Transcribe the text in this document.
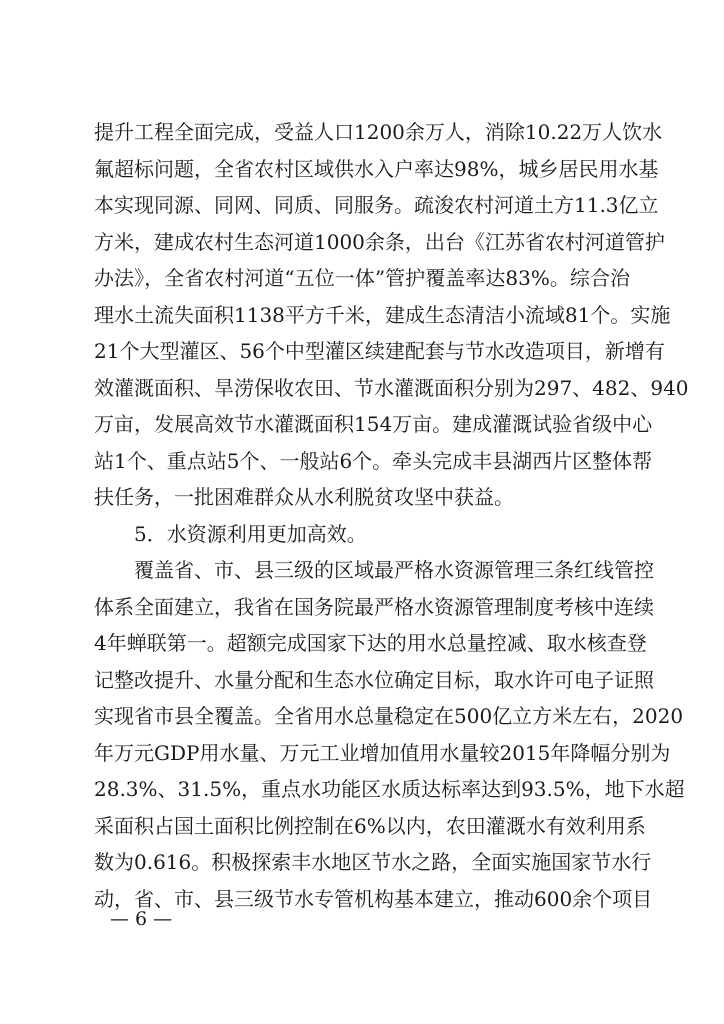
提升工程全面完成，受益人口1200余万人，消除10.22万人饮水
氟超标问题，全省农村区域供水入户率达98%，城乡居民用水基
本实现同源、同网、同质、同服务。疏浚农村河道土方11.3亿立
方米，建成农村生态河道1000余条，出台《江苏省农村河道管护
办法》，全省农村河道“五位一体”管护覆盖率达83%。综合治
理水土流失面积1138平方千米，建成生态清洁小流域81个。实施
21个大型灌区、56个中型灌区续建配套与节水改造项目，新增有
效灌溉面积、旱涝保收农田、节水灌溉面积分别为297、482、940
万亩，发展高效节水灌溉面积154万亩。建成灌溉试验省级中心
站1个、重点站5个、一般站6个。牵头完成丰县湖西片区整体帮
扶任务，一批困难群众从水利脱贫攻坚中获益。
5．水资源利用更加高效。
覆盖省、市、县三级的区域最严格水资源管理三条红线管控
体系全面建立，我省在国务院最严格水资源管理制度考核中连续
4年蝉联第一。超额完成国家下达的用水总量控减、取水核查登
记整改提升、水量分配和生态水位确定目标，取水许可电子证照
实现省市县全覆盖。全省用水总量稳定在500亿立方米左右，2020
年万元GDP用水量、万元工业增加值用水量较2015年降幅分别为
28.3%、31.5%，重点水功能区水质达标率达到93.5%，地下水超
采面积占国土面积比例控制在6%以内，农田灌溉水有效利用系
数为0.616。积极探索丰水地区节水之路，全面实施国家节水行
动，省、市、县三级节水专管机构基本建立，推动600余个项目
— 6 —
